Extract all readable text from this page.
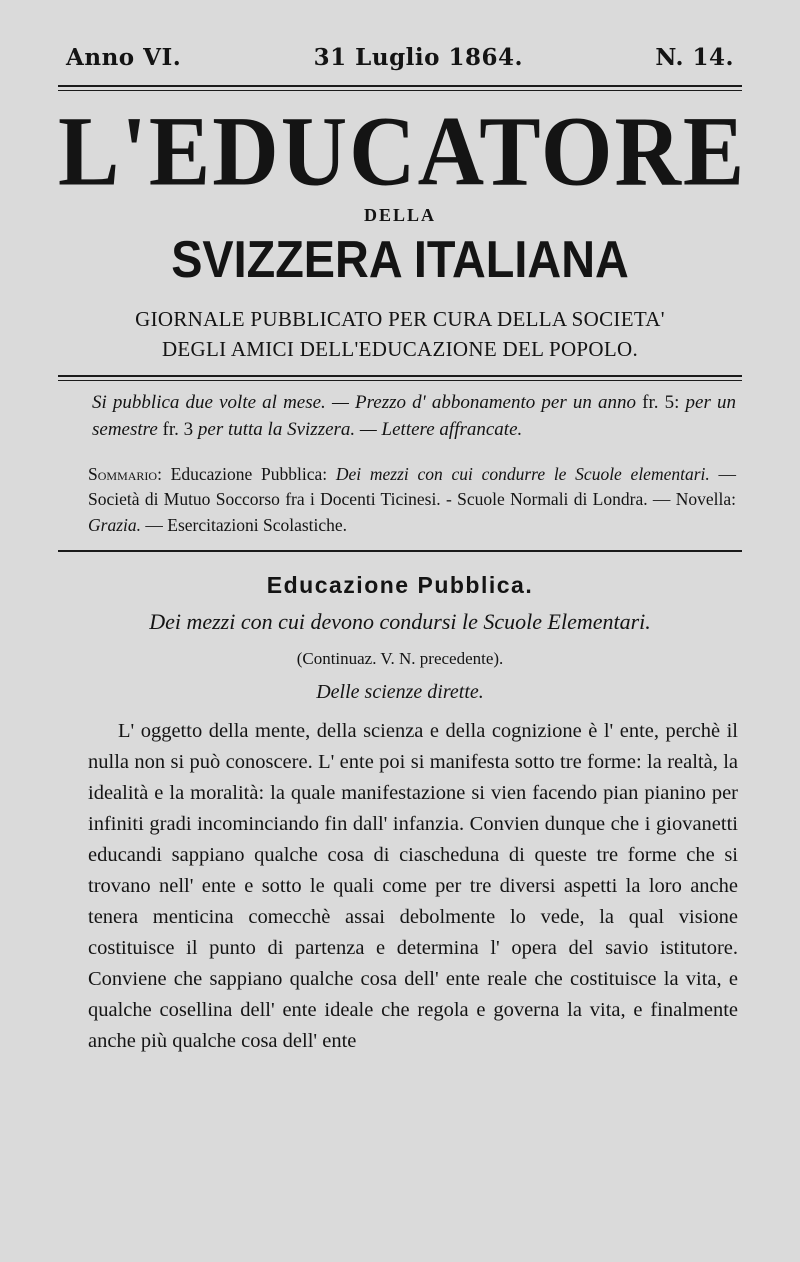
Anno VI.	31 Luglio 1864.	N. 14.
L'EDUCATORE
DELLA
SVIZZERA ITALIANA
GIORNALE PUBBLICATO PER CURA DELLA SOCIETA'
DEGLI AMICI DELL'EDUCAZIONE DEL POPOLO.
Si pubblica due volte al mese. — Prezzo d' abbonamento per un anno fr. 5: per un semestre fr. 3 per tutta la Svizzera. — Lettere affrancate.
Sommario: Educazione Pubblica: Dei mezzi con cui condurre le Scuole elementari. — Società di Mutuo Soccorso fra i Docenti Ticinesi. - Scuole Normali di Londra. — Novella: Grazia. — Esercitazioni Scolastiche.
Educazione Pubblica.
Dei mezzi con cui devono condursi le Scuole Elementari.
(Continuaz. V. N. precedente).
Delle scienze dirette.

L' oggetto della mente, della scienza e della cognizione è l' ente, perchè il nulla non si può conoscere. L' ente poi si manifesta sotto tre forme: la realtà, la idealità e la moralità: la quale manifestazione si vien facendo pian pianino per infiniti gradi incominciando fin dall' infanzia. Convien dunque che i giovanetti educandi sappiano qualche cosa di ciascheduna di queste tre forme che si trovano nell' ente e sotto le quali come per tre diversi aspetti la loro anche tenera menticina comecchè assai debolmente lo vede, la qual visione costituisce il punto di partenza e determina l' opera del savio istitutore. Conviene che sappiano qualche cosa dell' ente reale che costituisce la vita, e qualche cosellina dell' ente ideale che regola e governa la vita, e finalmente anche più qualche cosa dell' ente
